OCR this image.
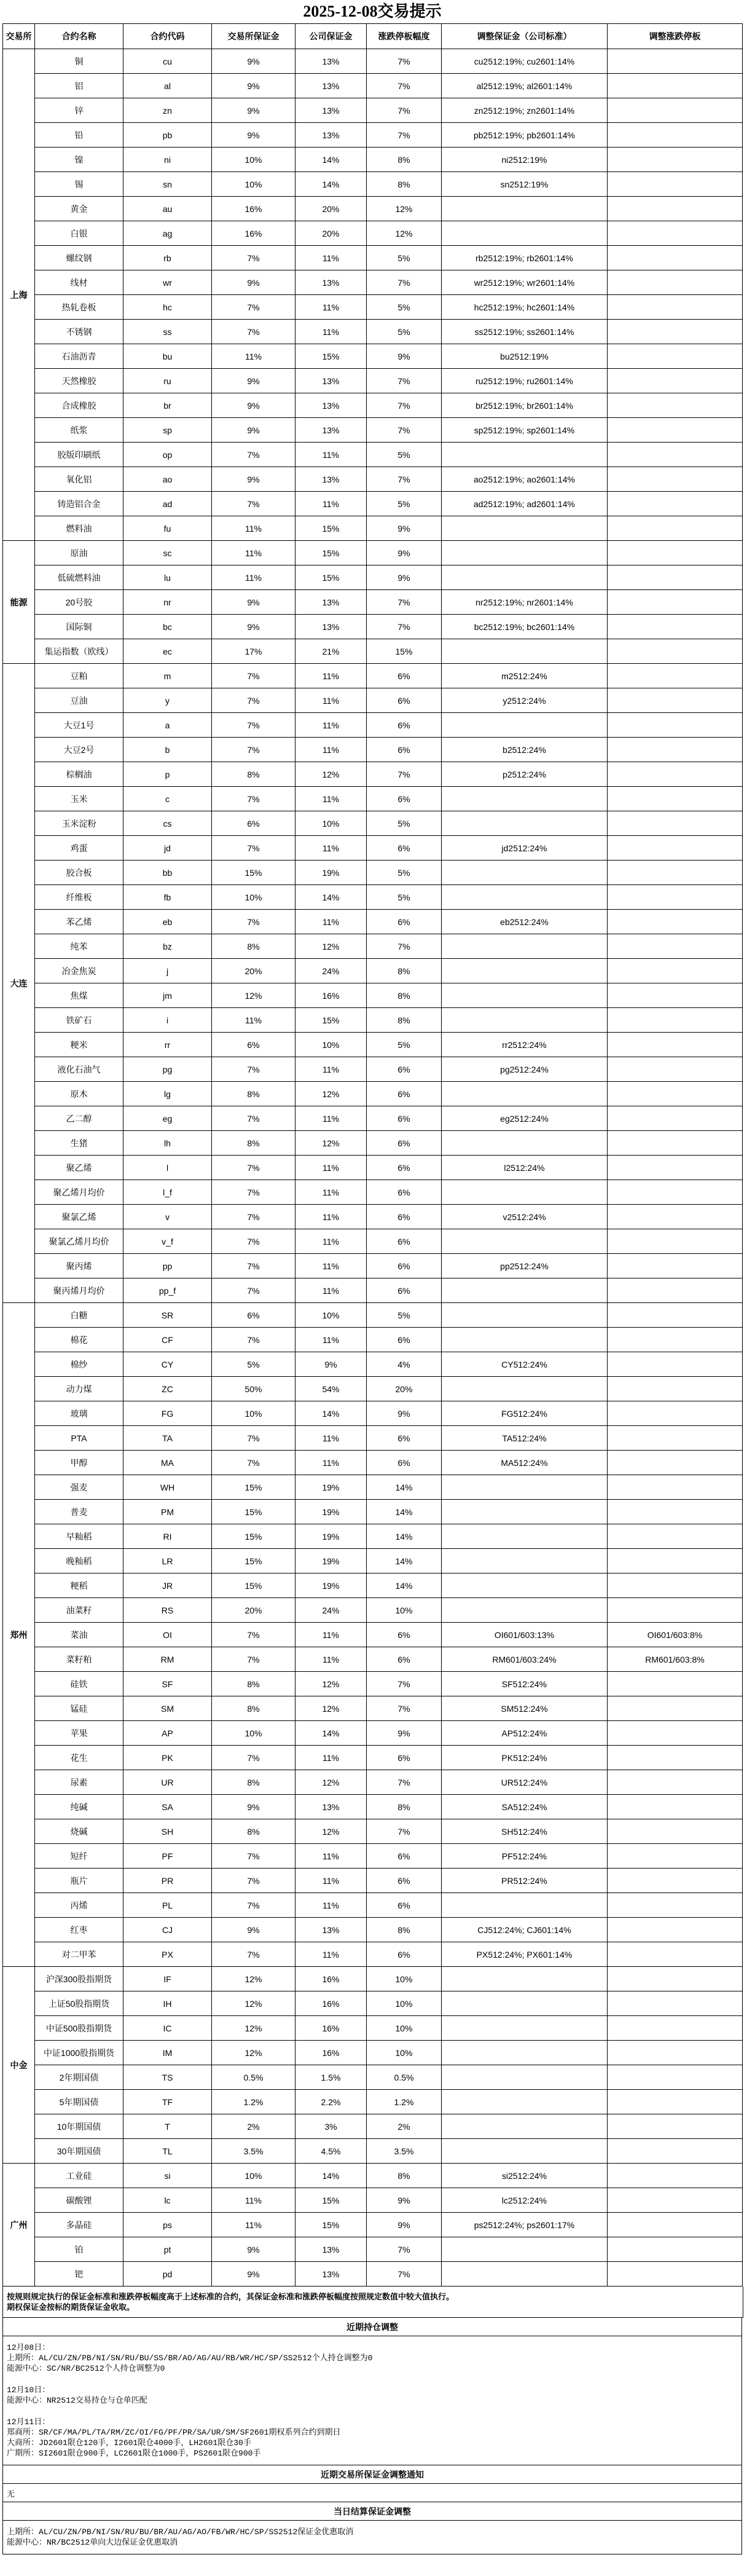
2025-12-08交易提示
交易所	合约名称	合约代码	交易所保证金	公司保证金	涨跌停板幅度	调整保证金（公司标准）	调整涨跌停板
上海	铜	cu	9%	13%	7%	cu2512:19%; cu2601:14%	
	铝	al	9%	13%	7%	al2512:19%; al2601:14%	
	锌	zn	9%	13%	7%	zn2512:19%; zn2601:14%	
	铅	pb	9%	13%	7%	pb2512:19%; pb2601:14%	
	镍	ni	10%	14%	8%	ni2512:19%	
	锡	sn	10%	14%	8%	sn2512:19%	
	黄金	au	16%	20%	12%		
	白银	ag	16%	20%	12%		
	螺纹钢	rb	7%	11%	5%	rb2512:19%; rb2601:14%	
	线材	wr	9%	13%	7%	wr2512:19%; wr2601:14%	
	热轧卷板	hc	7%	11%	5%	hc2512:19%; hc2601:14%	
	不锈钢	ss	7%	11%	5%	ss2512:19%; ss2601:14%	
	石油沥青	bu	11%	15%	9%	bu2512:19%	
	天然橡胶	ru	9%	13%	7%	ru2512:19%; ru2601:14%	
	合成橡胶	br	9%	13%	7%	br2512:19%; br2601:14%	
	纸浆	sp	9%	13%	7%	sp2512:19%; sp2601:14%	
	胶版印刷纸	op	7%	11%	5%		
	氧化铝	ao	9%	13%	7%	ao2512:19%; ao2601:14%	
	铸造铝合金	ad	7%	11%	5%	ad2512:19%; ad2601:14%	
	燃料油	fu	11%	15%	9%		
能源	原油	sc	11%	15%	9%		
	低硫燃料油	lu	11%	15%	9%		
	20号胶	nr	9%	13%	7%	nr2512:19%; nr2601:14%	
	国际铜	bc	9%	13%	7%	bc2512:19%; bc2601:14%	
	集运指数（欧线）	ec	17%	21%	15%		
大连	豆粕	m	7%	11%	6%	m2512:24%	
	豆油	y	7%	11%	6%	y2512:24%	
	大豆1号	a	7%	11%	6%		
	大豆2号	b	7%	11%	6%	b2512:24%	
	棕榈油	p	8%	12%	7%	p2512:24%	
	玉米	c	7%	11%	6%		
	玉米淀粉	cs	6%	10%	5%		
	鸡蛋	jd	7%	11%	6%	jd2512:24%	
	胶合板	bb	15%	19%	5%		
	纤维板	fb	10%	14%	5%		
	苯乙烯	eb	7%	11%	6%	eb2512:24%	
	纯苯	bz	8%	12%	7%		
	冶金焦炭	j	20%	24%	8%		
	焦煤	jm	12%	16%	8%		
	铁矿石	i	11%	15%	8%		
	粳米	rr	6%	10%	5%	rr2512:24%	
	液化石油气	pg	7%	11%	6%	pg2512:24%	
	原木	lg	8%	12%	6%		
	乙二醇	eg	7%	11%	6%	eg2512:24%	
	生猪	lh	8%	12%	6%		
	聚乙烯	l	7%	11%	6%	l2512:24%	
	聚乙烯月均价	l_f	7%	11%	6%		
	聚氯乙烯	v	7%	11%	6%	v2512:24%	
	聚氯乙烯月均价	v_f	7%	11%	6%		
	聚丙烯	pp	7%	11%	6%	pp2512:24%	
	聚丙烯月均价	pp_f	7%	11%	6%		
郑州	白糖	SR	6%	10%	5%		
	棉花	CF	7%	11%	6%		
	棉纱	CY	5%	9%	4%	CY512:24%	
	动力煤	ZC	50%	54%	20%		
	玻璃	FG	10%	14%	9%	FG512:24%	
	PTA	TA	7%	11%	6%	TA512:24%	
	甲醇	MA	7%	11%	6%	MA512:24%	
	强麦	WH	15%	19%	14%		
	普麦	PM	15%	19%	14%		
	早籼稻	RI	15%	19%	14%		
	晚籼稻	LR	15%	19%	14%		
	粳稻	JR	15%	19%	14%		
	油菜籽	RS	20%	24%	10%		
	菜油	OI	7%	11%	6%	OI601/603:13%	OI601/603:8%
	菜籽粕	RM	7%	11%	6%	RM601/603:24%	RM601/603:8%
	硅铁	SF	8%	12%	7%	SF512:24%	
	锰硅	SM	8%	12%	7%	SM512:24%	
	苹果	AP	10%	14%	9%	AP512:24%	
	花生	PK	7%	11%	6%	PK512:24%	
	尿素	UR	8%	12%	7%	UR512:24%	
	纯碱	SA	9%	13%	8%	SA512:24%	
	烧碱	SH	8%	12%	7%	SH512:24%	
	短纤	PF	7%	11%	6%	PF512:24%	
	瓶片	PR	7%	11%	6%	PR512:24%	
	丙烯	PL	7%	11%	6%		
	红枣	CJ	9%	13%	8%	CJ512:24%; CJ601:14%	
	对二甲苯	PX	7%	11%	6%	PX512:24%; PX601:14%	
中金	沪深300股指期货	IF	12%	16%	10%		
	上证50股指期货	IH	12%	16%	10%		
	中证500股指期货	IC	12%	16%	10%		
	中证1000股指期货	IM	12%	16%	10%		
	2年期国债	TS	0.5%	1.5%	0.5%		
	5年期国债	TF	1.2%	2.2%	1.2%		
	10年期国债	T	2%	3%	2%		
	30年期国债	TL	3.5%	4.5%	3.5%		
广州	工业硅	si	10%	14%	8%	si2512:24%	
	碳酸锂	lc	11%	15%	9%	lc2512:24%	
	多晶硅	ps	11%	15%	9%	ps2512:24%; ps2601:17%	
	铂	pt	9%	13%	7%		
	钯	pd	9%	13%	7%		
按规则规定执行的保证金标准和涨跌停板幅度高于上述标准的合约，其保证金标准和涨跌停板幅度按照规定数值中较大值执行。
期权保证金按标的期货保证金收取。
近期持仓调整
12月08日：
上期所：AL/CU/ZN/PB/NI/SN/RU/BU/SS/BR/AO/AG/AU/RB/WR/HC/SP/SS2512个人持仓调整为0
能源中心：SC/NR/BC2512个人持仓调整为0
12月10日：
能源中心：NR2512交易持仓与仓单匹配
12月11日：
郑商所：SR/CF/MA/PL/TA/RM/ZC/OI/FG/PF/PR/SA/UR/SM/SF2601期权系列合约到期日
大商所：JD2601限仓120手，I2601限仓4000手，LH2601限仓30手
广期所：SI2601限仓900手，LC2601限仓1000手，PS2601限仓900手
近期交易所保证金调整通知
无
当日结算保证金调整
上期所：AL/CU/ZN/PB/NI/SN/RU/BU/BR/AU/AG/AO/FB/WR/HC/SP/SS2512保证金优惠取消
能源中心：NR/BC2512单向大边保证金优惠取消
